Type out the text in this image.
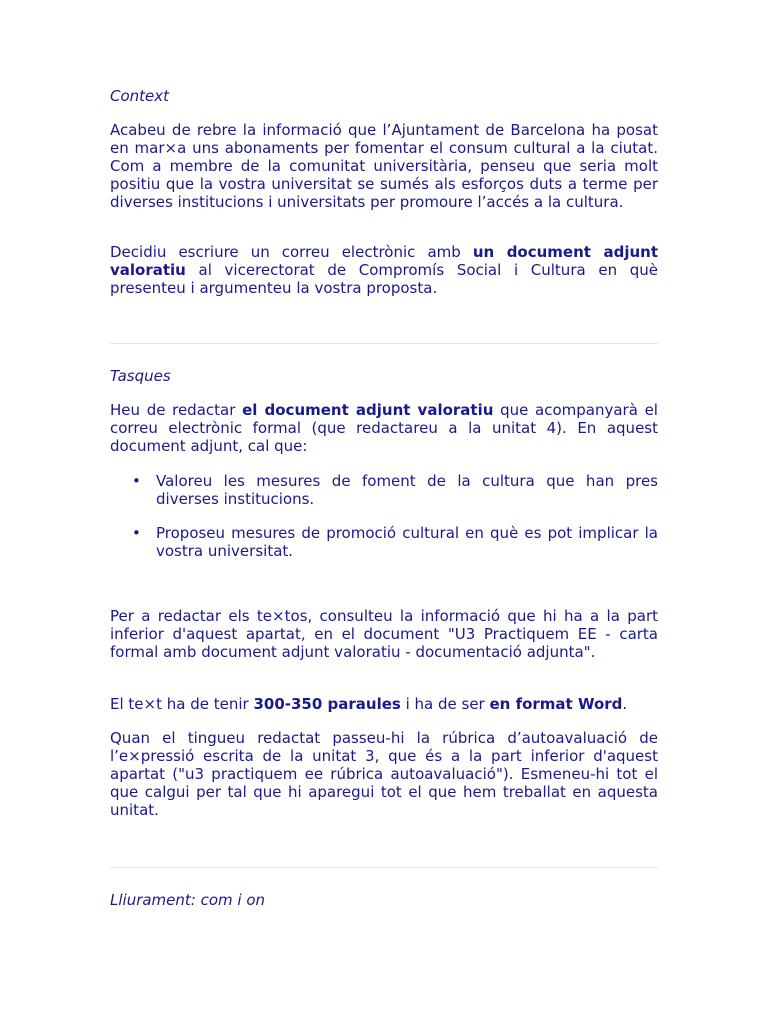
Context

Acabeu de rebre la informació que l’Ajuntament de Barcelona ha posat en mar×a uns abonaments per fomentar el consum cultural a la ciutat. Com a membre de la comunitat universitària, penseu que seria molt positiu que la vostra universitat se sumés als esforços duts a terme per diverses institucions i universitats per promoure l’accés a la cultura.

Decidiu escriure un correu electrònic amb un document adjunt valoratiu al vicerectorat de Compromís Social i Cultura en què presenteu i argumenteu la vostra proposta.

Tasques

Heu de redactar el document adjunt valoratiu que acompanyarà el correu electrònic formal (que redactareu a la unitat 4). En aquest document adjunt, cal que:

• Valoreu les mesures de foment de la cultura que han pres diverses institucions.
• Proposeu mesures de promoció cultural en què es pot implicar la vostra universitat.

Per a redactar els te×tos, consulteu la informació que hi ha a la part inferior d'aquest apartat, en el document "U3 Practiquem EE - carta formal amb document adjunt valoratiu - documentació adjunta".

El te×t ha de tenir 300-350 paraules i ha de ser en format Word.

Quan el tingueu redactat passeu-hi la rúbrica d’autoavaluació de l’e×pressió escrita de la unitat 3, que és a la part inferior d'aquest apartat ("u3 practiquem ee rúbrica autoavaluació"). Esmeneu-hi tot el que calgui per tal que hi aparegui tot el que hem treballat en aquesta unitat.

Lliurament: com i on
